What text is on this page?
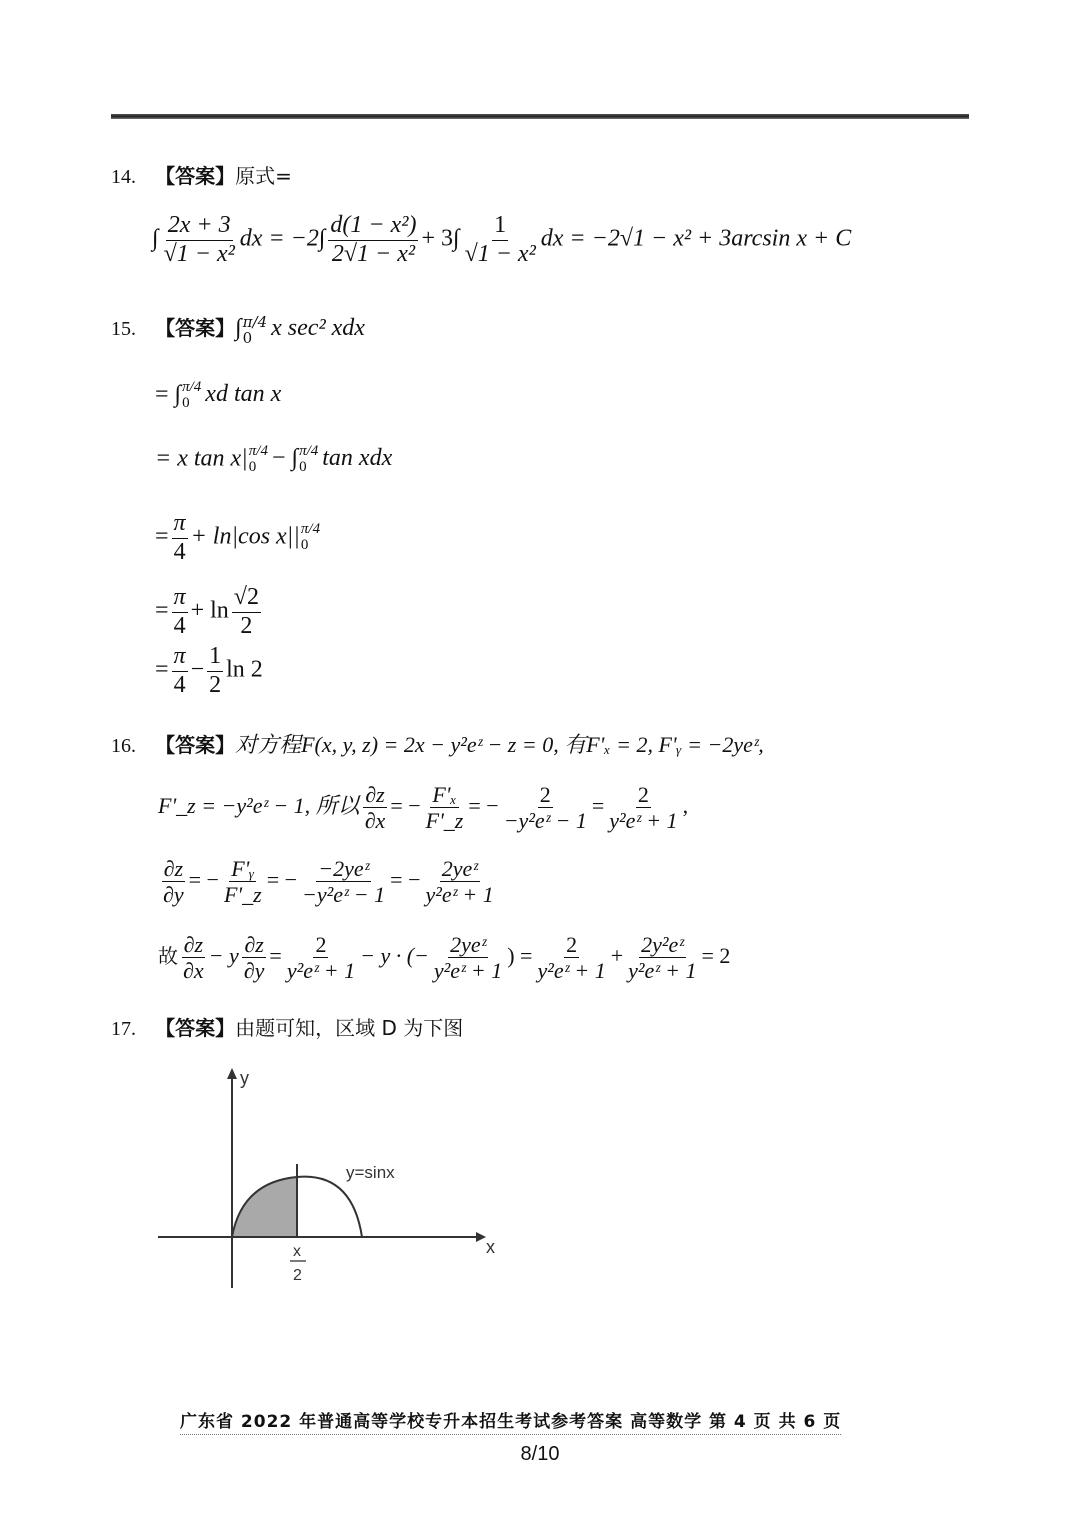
14. 【答案】原式=
∫ $\frac{2x + 3}{\text{√1 − x²}}$ dx = $-2\int \frac{\text{d(1 − x²)}}{\text{2√1 − x²}} + 3\int \frac{1}{\text{√1 − x²}}$ dx = −2√1 − x² + 3arcsin x + C
15. 【答案】∫ π/4
0 x sec² xdx
= ∫ π/4
0 xd tan x
= x tan x| π/4
0 − ∫ π/4
0 tan xdx
= $\frac{\pi}{4} + \ln|\cos$ x|| π/4
0
= $\frac{\pi}{4} + \ln \frac{√2}{2}$
= $\frac{\pi}{4} - \frac{1}{2}$ ln 2
16. 【答案】对方程F(x, y, z) = 2x − y²eᶻ − z = 0, 有F'ₓ = 2, F'ᵧ = −2yeᶻ,
F'_z = −y²eᶻ − 1, 所以 $\frac{\partial z}{\partial x}$ = − $\frac{\text{F'ₓ}}{F'\_z}$ = − $\frac{2}{\text{−y²eᶻ − 1}} = \frac{2}{\text{y²eᶻ + 1}}$ ,
$\frac{\partial z}{\partial y}$ = − $\frac{\text{F'ᵧ}}{F'\_z}$ = − $\frac{\text{−2yeᶻ}}{\text{−y²eᶻ − 1}}$ = − $\frac{\text{2yeᶻ}}{\text{y²eᶻ + 1}}$
故 $\frac{\partial z}{\partial x} - y \frac{\partial z}{\partial y} = \frac{2}{\text{y²eᶻ + 1}} - y$ · (− $\frac{\text{2yeᶻ}}{\text{y²eᶻ + 1}}$ ) = $\frac{2}{\text{y²eᶻ + 1}} + \frac{\text{2y²eᶻ}}{\text{y²eᶻ + 1}} = 2$
17. 【答案】由题可知，区域 D 为下图
y
x
y=sinx
x
2
广东省 2022 年普通高等学校专升本招生考试参考答案 高等数学 第 4 页 共 6 页
8/10
